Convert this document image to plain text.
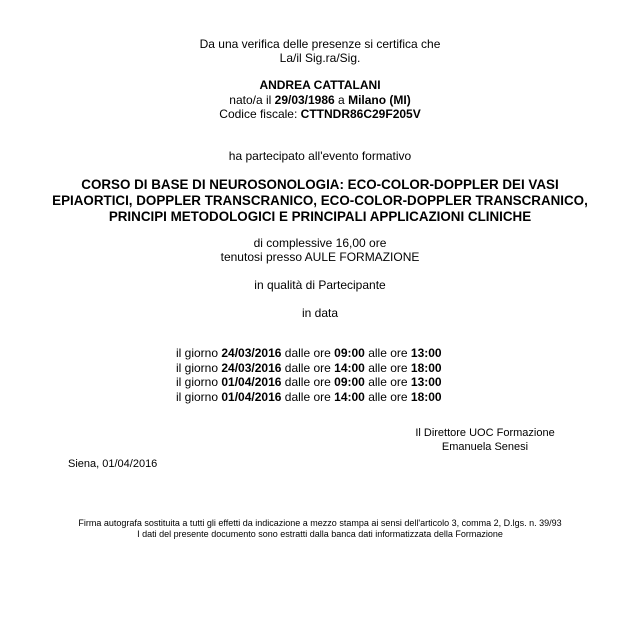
Da una verifica delle presenze si certifica che
La/il Sig.ra/Sig.
ANDREA CATTALANI
nato/a il 29/03/1986 a Milano (MI)
Codice fiscale: CTTNDR86C29F205V
ha partecipato all'evento formativo
CORSO DI BASE DI NEUROSONOLOGIA: ECO-COLOR-DOPPLER DEI VASI
EPIAORTICI, DOPPLER TRANSCRANICO, ECO-COLOR-DOPPLER TRANSCRANICO,
PRINCIPI METODOLOGICI E PRINCIPALI APPLICAZIONI CLINICHE
di complessive 16,00 ore
tenutosi presso AULE FORMAZIONE
in qualità di Partecipante
in data
il giorno 24/03/2016 dalle ore 09:00 alle ore 13:00
il giorno 24/03/2016 dalle ore 14:00 alle ore 18:00
il giorno 01/04/2016 dalle ore 09:00 alle ore 13:00
il giorno 01/04/2016 dalle ore 14:00 alle ore 18:00
Il Direttore UOC Formazione
Emanuela Senesi
Siena, 01/04/2016
Firma autografa sostituita a tutti gli effetti da indicazione a mezzo stampa ai sensi dell'articolo 3, comma 2, D.lgs. n. 39/93
I dati del presente documento sono estratti dalla banca dati informatizzata della Formazione
